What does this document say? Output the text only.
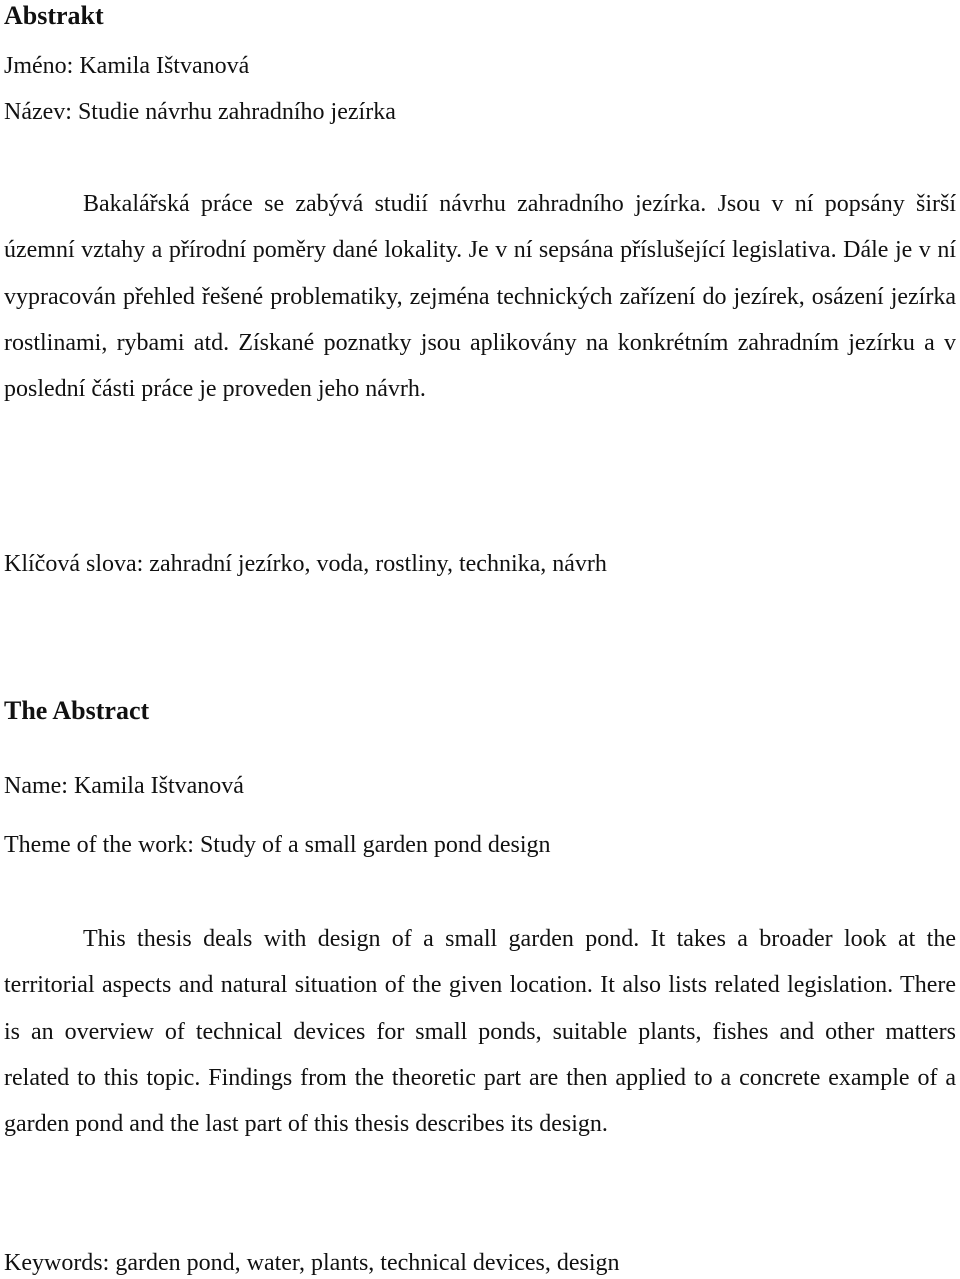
Abstrakt

Jméno: Kamila Ištvanová

Název: Studie návrhu zahradního jezírka

Bakalářská práce se zabývá studií návrhu zahradního jezírka. Jsou v ní popsány širší územní vztahy a přírodní poměry dané lokality. Je v ní sepsána příslušející legislativa. Dále je v ní vypracován přehled řešené problematiky, zejména technických zařízení do jezírek, osázení jezírka rostlinami, rybami atd. Získané poznatky jsou aplikovány na konkrétním zahradním jezírku a v poslední části práce je proveden jeho návrh.

Klíčová slova: zahradní jezírko, voda, rostliny, technika, návrh

The Abstract

Name: Kamila Ištvanová

Theme of the work: Study of a small garden pond design

This thesis deals with design of a small garden pond. It takes a broader look at the territorial aspects and natural situation of the given location. It also lists related legislation. There is an overview of technical devices for small ponds, suitable plants, fishes and other matters related to this topic. Findings from the theoretic part are then applied to a concrete example of a garden pond and the last part of this thesis describes its design.

Keywords: garden pond, water, plants, technical devices, design
